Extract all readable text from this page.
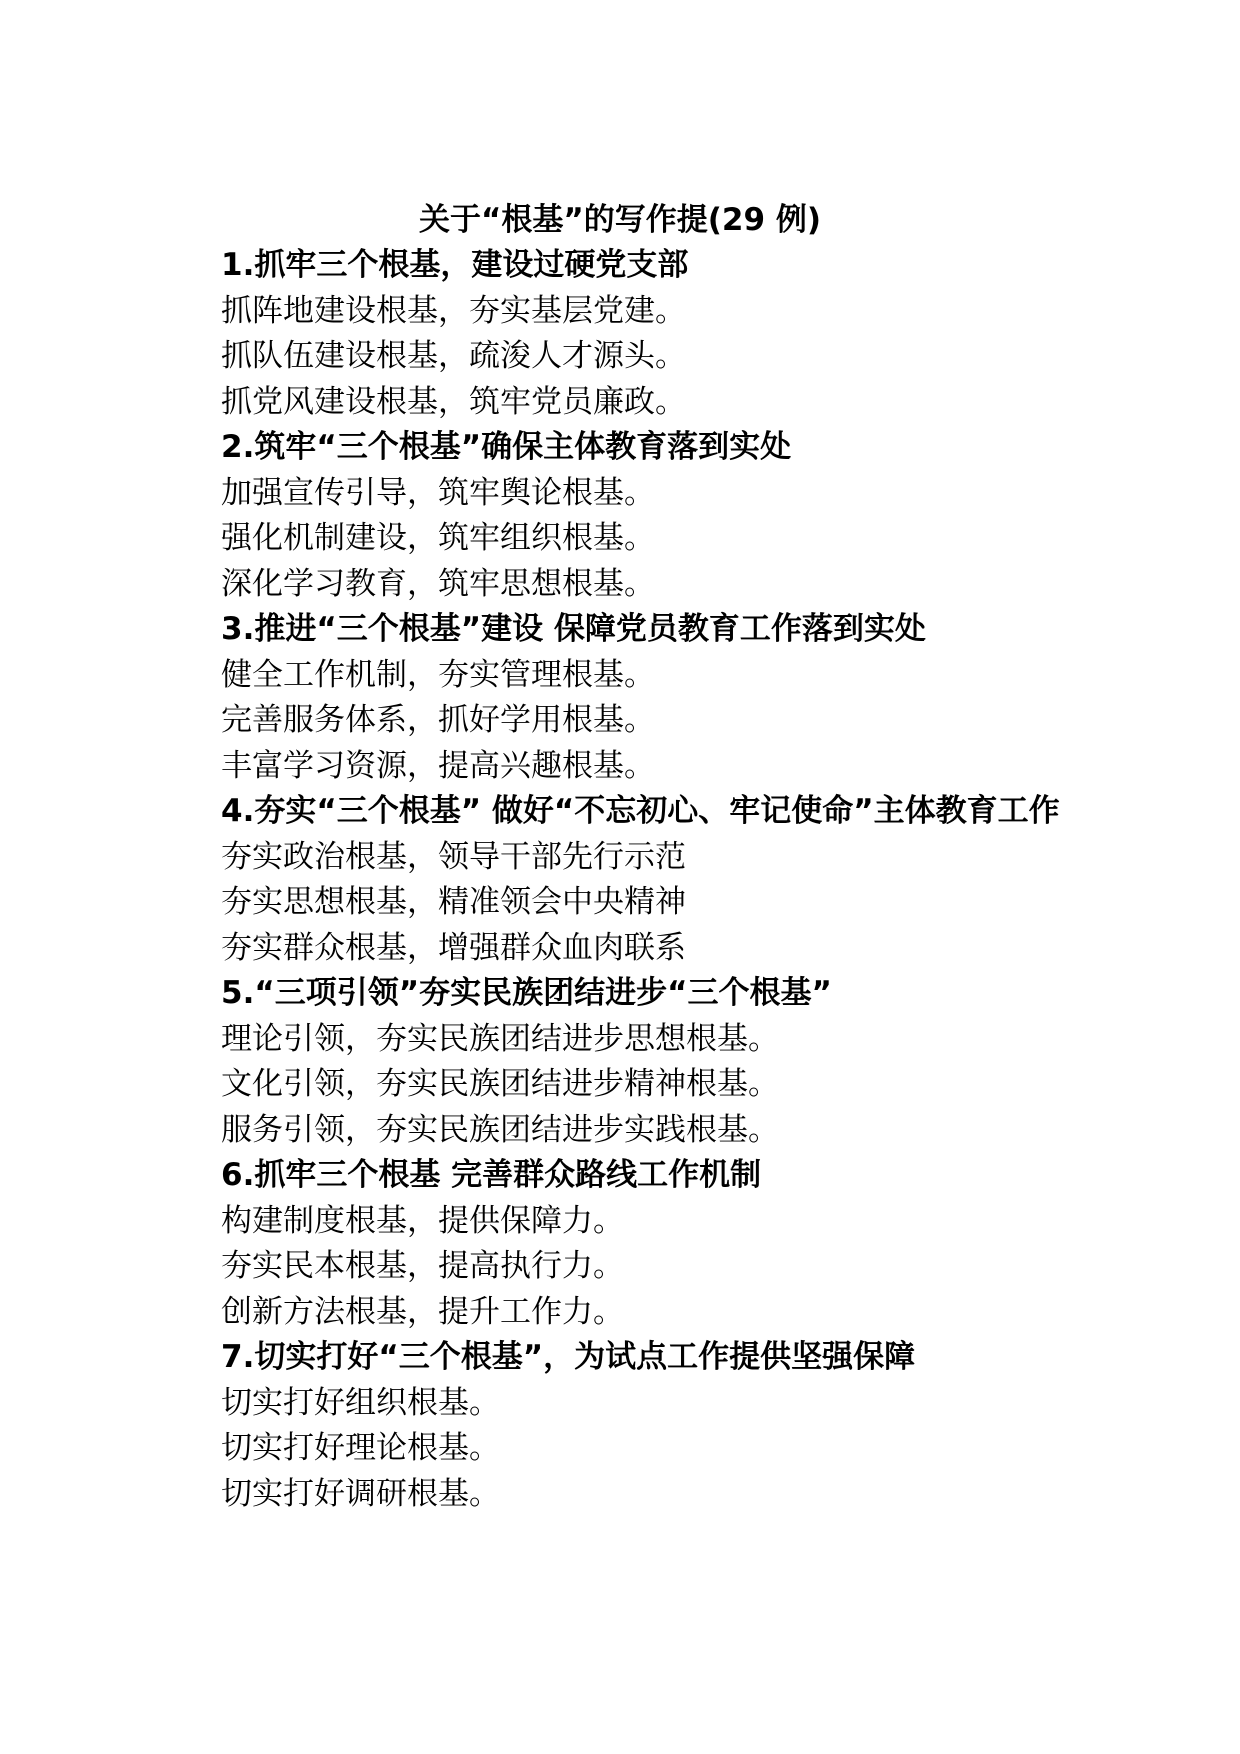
关于“根基”的写作提(29 例)

1.抓牢三个根基，建设过硬党支部

抓阵地建设根基，夯实基层党建。

抓队伍建设根基，疏浚人才源头。

抓党风建设根基，筑牢党员廉政。

2.筑牢“三个根基”确保主体教育落到实处

加强宣传引导，筑牢舆论根基。

强化机制建设，筑牢组织根基。

深化学习教育，筑牢思想根基。

3.推进“三个根基”建设 保障党员教育工作落到实处

健全工作机制，夯实管理根基。

完善服务体系，抓好学用根基。

丰富学习资源，提高兴趣根基。

4.夯实“三个根基” 做好“不忘初心、牢记使命”主体教育工作

夯实政治根基，领导干部先行示范

夯实思想根基，精准领会中央精神

夯实群众根基，增强群众血肉联系

5.“三项引领”夯实民族团结进步“三个根基”

理论引领，夯实民族团结进步思想根基。

文化引领，夯实民族团结进步精神根基。

服务引领，夯实民族团结进步实践根基。

6.抓牢三个根基 完善群众路线工作机制

构建制度根基，提供保障力。

夯实民本根基，提高执行力。

创新方法根基，提升工作力。

7.切实打好“三个根基”，为试点工作提供坚强保障

切实打好组织根基。

切实打好理论根基。

切实打好调研根基。
